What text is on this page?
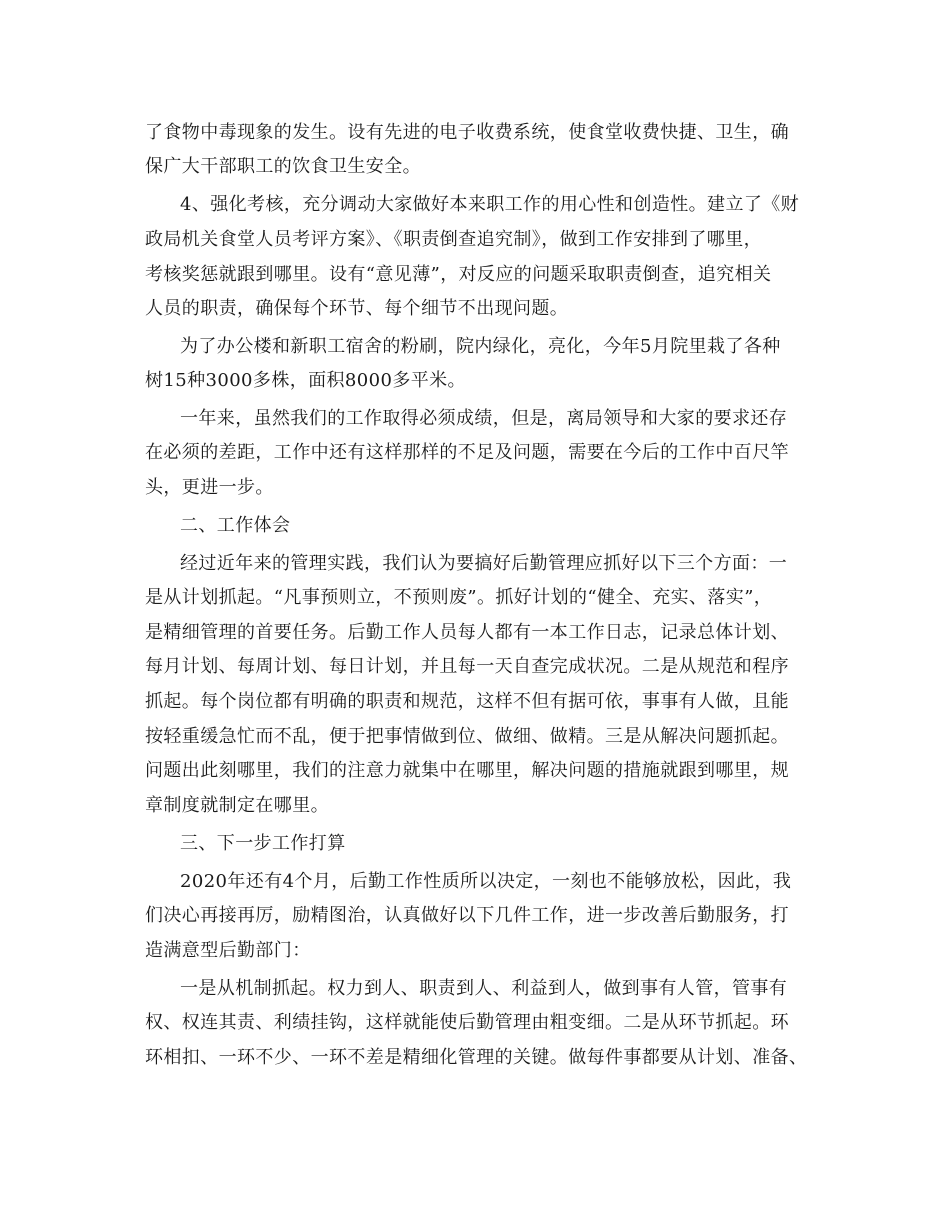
了食物中毒现象的发生。设有先进的电子收费系统，使食堂收费快捷、卫生，确
保广大干部职工的饮食卫生安全。
4、强化考核，充分调动大家做好本来职工作的用心性和创造性。建立了《财
政局机关食堂人员考评方案》、《职责倒查追究制》，做到工作安排到了哪里，
考核奖惩就跟到哪里。设有“意见薄”，对反应的问题采取职责倒查，追究相关
人员的职责，确保每个环节、每个细节不出现问题。
为了办公楼和新职工宿舍的粉刷，院内绿化，亮化，今年5月院里栽了各种
树15种3000多株，面积8000多平米。
一年来，虽然我们的工作取得必须成绩，但是，离局领导和大家的要求还存
在必须的差距，工作中还有这样那样的不足及问题，需要在今后的工作中百尺竿
头，更进一步。
二、工作体会
经过近年来的管理实践，我们认为要搞好后勤管理应抓好以下三个方面：一
是从计划抓起。“凡事预则立，不预则废”。抓好计划的“健全、充实、落实”，
是精细管理的首要任务。后勤工作人员每人都有一本工作日志，记录总体计划、
每月计划、每周计划、每日计划，并且每一天自查完成状况。二是从规范和程序
抓起。每个岗位都有明确的职责和规范，这样不但有据可依，事事有人做，且能
按轻重缓急忙而不乱，便于把事情做到位、做细、做精。三是从解决问题抓起。
问题出此刻哪里，我们的注意力就集中在哪里，解决问题的措施就跟到哪里，规
章制度就制定在哪里。
三、下一步工作打算
2020年还有4个月，后勤工作性质所以决定，一刻也不能够放松，因此，我
们决心再接再厉，励精图治，认真做好以下几件工作，进一步改善后勤服务，打
造满意型后勤部门：
一是从机制抓起。权力到人、职责到人、利益到人，做到事有人管，管事有
权、权连其责、利绩挂钩，这样就能使后勤管理由粗变细。二是从环节抓起。环
环相扣、一环不少、一环不差是精细化管理的关键。做每件事都要从计划、准备、
